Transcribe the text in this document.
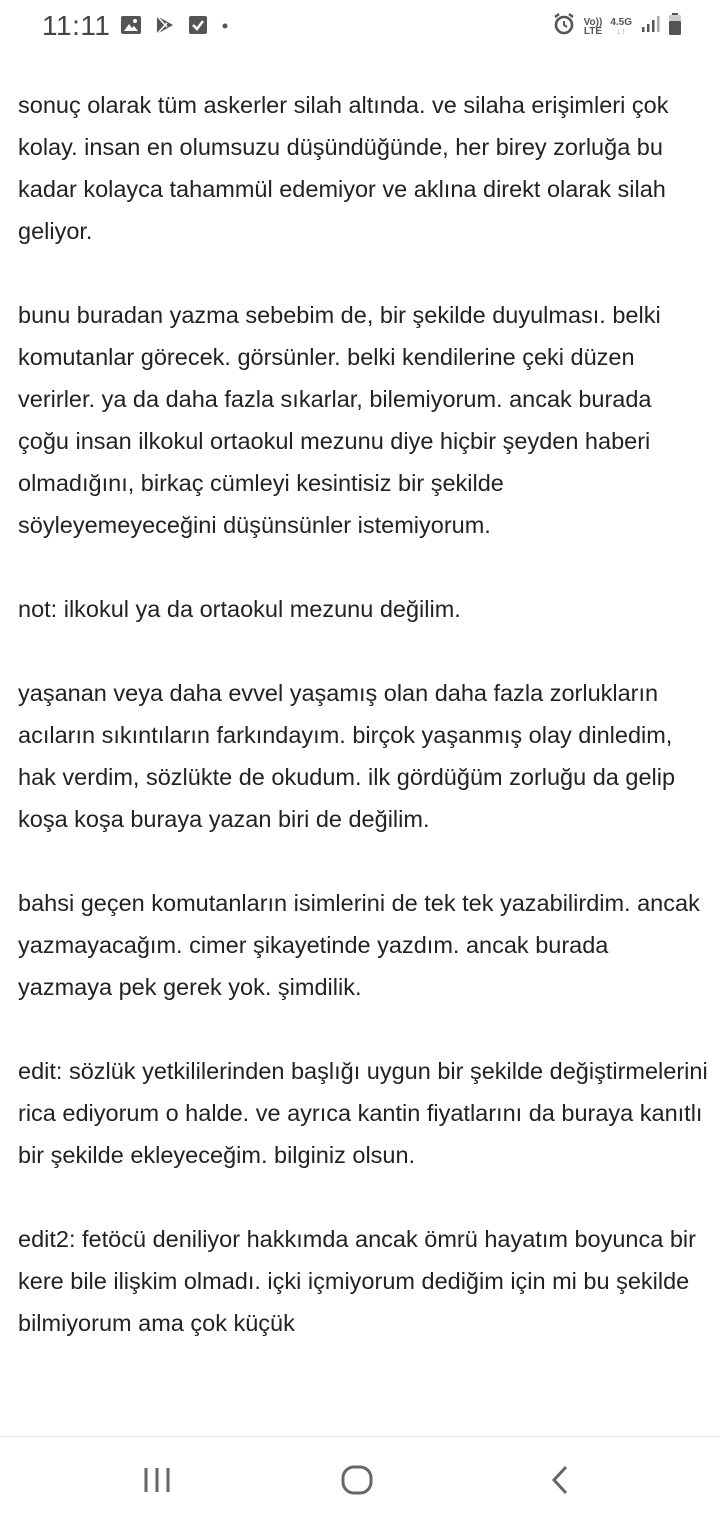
11:11	Vo))
LTE
4.5G
↓↑

sonuç olarak tüm askerler silah altında. ve silaha erişimleri çok kolay. insan en olumsuzu düşündüğünde, her birey zorluğa bu kadar kolayca tahammül edemiyor ve aklına direkt olarak silah geliyor.

bunu buradan yazma sebebim de, bir şekilde duyulması. belki komutanlar görecek. görsünler. belki kendilerine çeki düzen verirler. ya da daha fazla sıkarlar, bilemiyorum. ancak burada çoğu insan ilkokul ortaokul mezunu diye hiçbir şeyden haberi olmadığını, birkaç cümleyi kesintisiz bir şekilde söyleyemeyeceğini düşünsünler istemiyorum.

not: ilkokul ya da ortaokul mezunu değilim.

yaşanan veya daha evvel yaşamış olan daha fazla zorlukların acıların sıkıntıların farkındayım. birçok yaşanmış olay dinledim, hak verdim, sözlükte de okudum. ilk gördüğüm zorluğu da gelip koşa koşa buraya yazan biri de değilim.

bahsi geçen komutanların isimlerini de tek tek yazabilirdim. ancak yazmayacağım. cimer şikayetinde yazdım. ancak burada yazmaya pek gerek yok. şimdilik.

edit: sözlük yetkililerinden başlığı uygun bir şekilde değiştirmelerini rica ediyorum o halde. ve ayrıca kantin fiyatlarını da buraya kanıtlı bir şekilde ekleyeceğim. bilginiz olsun.

edit2: fetöcü deniliyor hakkımda ancak ömrü hayatım boyunca bir kere bile ilişkim olmadı. içki içmiyorum dediğim için mi bu şekilde bilmiyorum ama çok küçük
